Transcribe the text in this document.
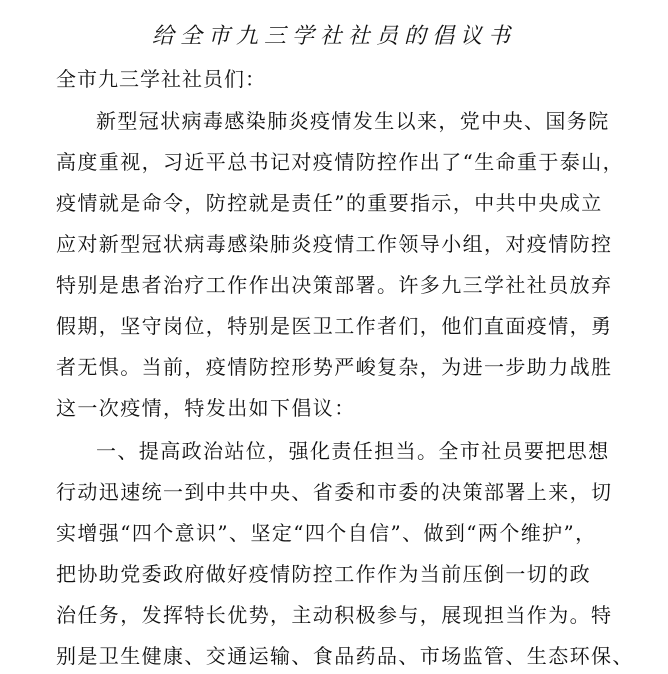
给全市九三学社社员的倡议书
全市九三学社社员们：
新型冠状病毒感染肺炎疫情发生以来，党中央、国务院
高度重视，习近平总书记对疫情防控作出了“生命重于泰山，
疫情就是命令，防控就是责任”的重要指示，中共中央成立
应对新型冠状病毒感染肺炎疫情工作领导小组，对疫情防控
特别是患者治疗工作作出决策部署。许多九三学社社员放弃
假期，坚守岗位，特别是医卫工作者们，他们直面疫情，勇
者无惧。当前，疫情防控形势严峻复杂，为进一步助力战胜
这一次疫情，特发出如下倡议：
一、提高政治站位，强化责任担当。全市社员要把思想
行动迅速统一到中共中央、省委和市委的决策部署上来，切
实增强“四个意识”、坚定“四个自信”、做到“两个维护”，
把协助党委政府做好疫情防控工作作为当前压倒一切的政
治任务，发挥特长优势，主动积极参与，展现担当作为。特
别是卫生健康、交通运输、食品药品、市场监管、生态环保、
